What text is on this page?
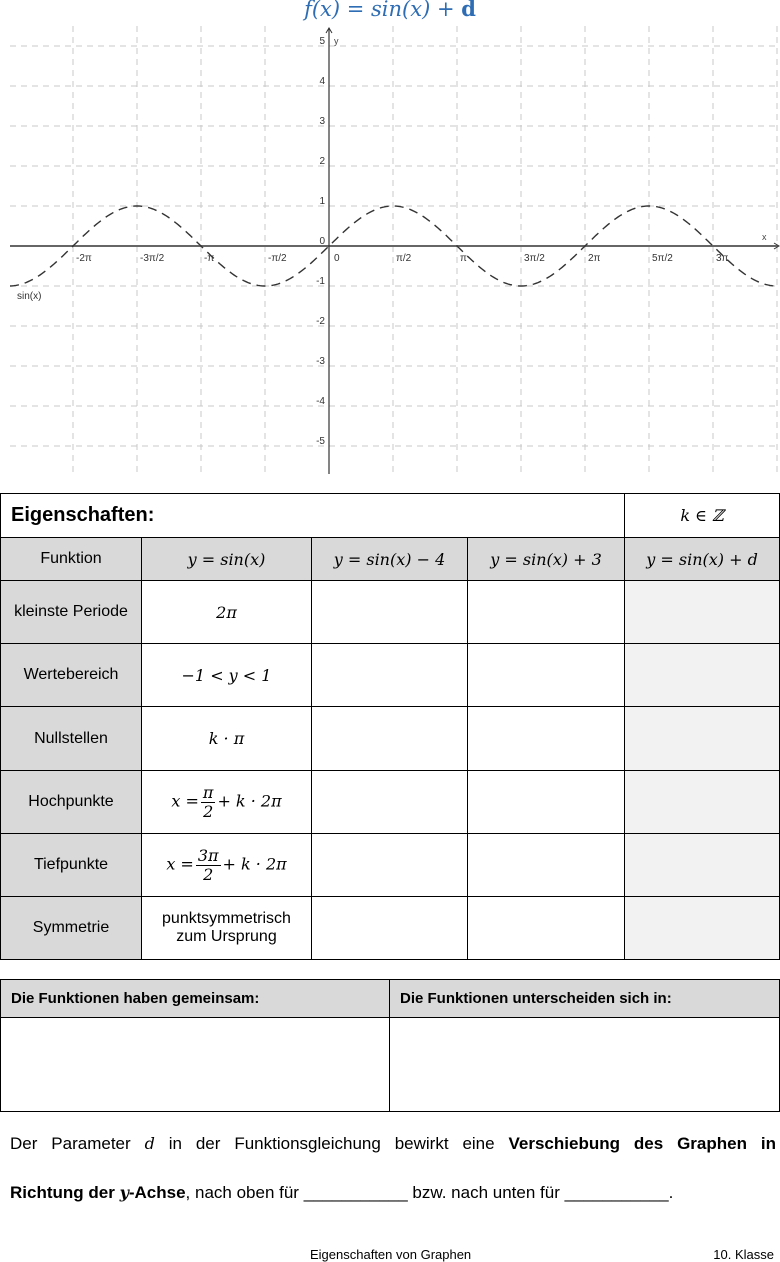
f(x) = sin(x) + d
x
y
-2π	-3π/2	-π	-π/2	0	π/2	π	3π/2	2π	5π/2	3π
-5
-4
-3
-2
-1
0
1
2
3
4
5
sin(x)
Eigenschaften:				k ∈ ℤ
Funktion	y = sin(x)	y = sin(x) − 4	y = sin(x) + 3	y = sin(x) + d
kleinste Periode	2π			
Wertebereich	−1 < y < 1			
Nullstellen	k · π			
Hochpunkte	$x = \frac{\pi}{2} + k \cdot 2\pi$			
Tiefpunkte	$x = \frac{3\pi}{2} + k \cdot 2\pi$			
Symmetrie	punktsymmetrisch zum Ursprung			
Die Funktionen haben gemeinsam:	Die Funktionen unterscheiden sich in:

Der Parameter d in der Funktionsgleichung bewirkt eine Verschiebung des Graphen in
Richtung der y-Achse, nach oben für ___________ bzw. nach unten für ___________.
Eigenschaften von Graphen	10. Klasse
